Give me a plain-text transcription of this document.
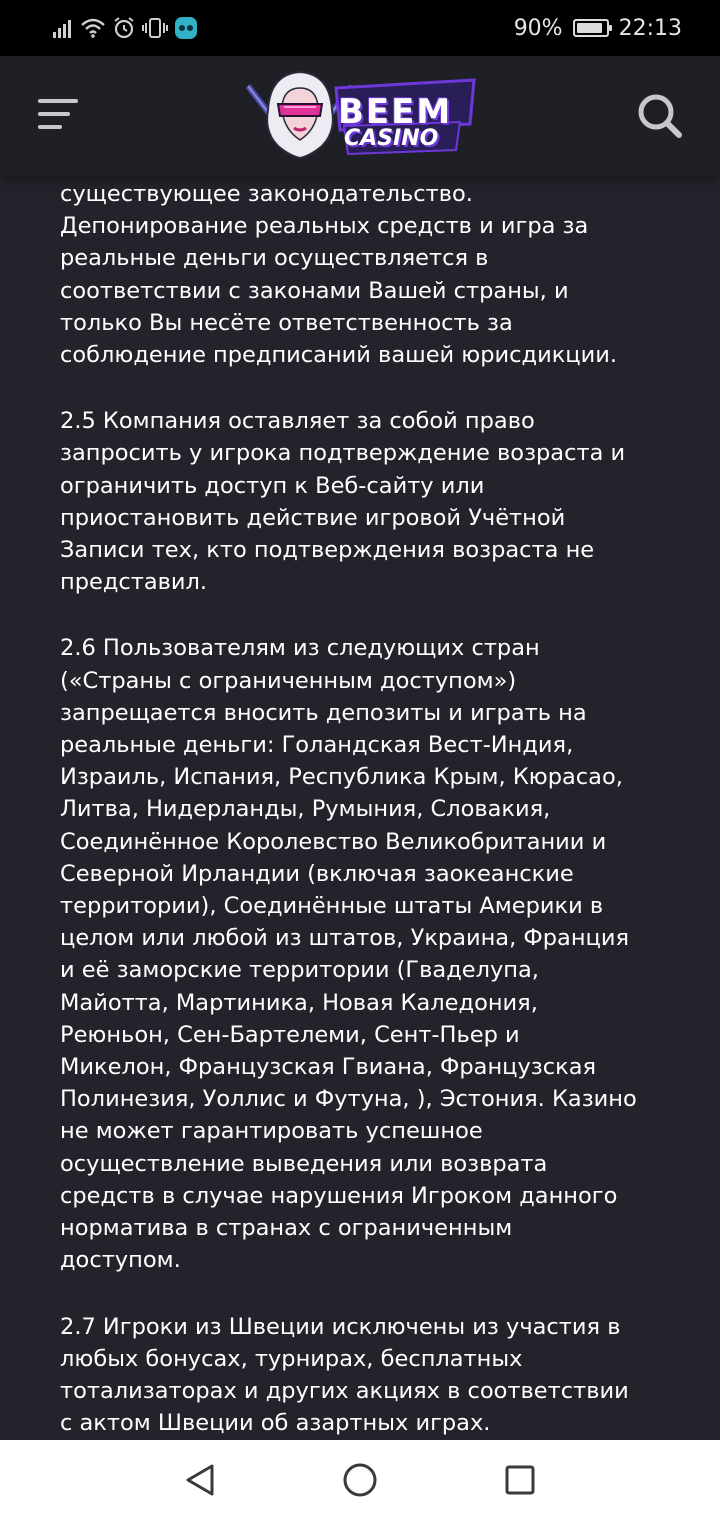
90%	22:13
BEEM
CASINO

существующее законодательство.
Депонирование реальных средств и игра за
реальные деньги осуществляется в
соответствии с законами Вашей страны, и
только Вы несёте ответственность за
соблюдение предписаний вашей юрисдикции.

2.5 Компания оставляет за собой право
запросить у игрока подтверждение возраста и
ограничить доступ к Веб-сайту или
приостановить действие игровой Учётной
Записи тех, кто подтверждения возраста не
представил.

2.6 Пользователям из следующих стран
(«Страны с ограниченным доступом»)
запрещается вносить депозиты и играть на
реальные деньги: Голандская Вест-Индия,
Израиль, Испания, Республика Крым, Кюрасао,
Литва, Нидерланды, Румыния, Словакия,
Соединённое Королевство Великобритании и
Северной Ирландии (включая заокеанские
территории), Соединённые штаты Америки в
целом или любой из штатов, Украина, Франция
и её заморские территории (Гваделупа,
Майотта, Мартиника, Новая Каледония,
Реюньон, Сен-Бартелеми, Сент-Пьер и
Микелон, Французская Гвиана, Французская
Полинезия, Уоллис и Футуна, ), Эстония. Казино
не может гарантировать успешное
осуществление выведения или возврата
средств в случае нарушения Игроком данного
норматива в странах с ограниченным
доступом.

2.7 Игроки из Швеции исключены из участия в
любых бонусах, турнирах, бесплатных
тотализаторах и других акциях в соответствии
с актом Швеции об азартных играх.
